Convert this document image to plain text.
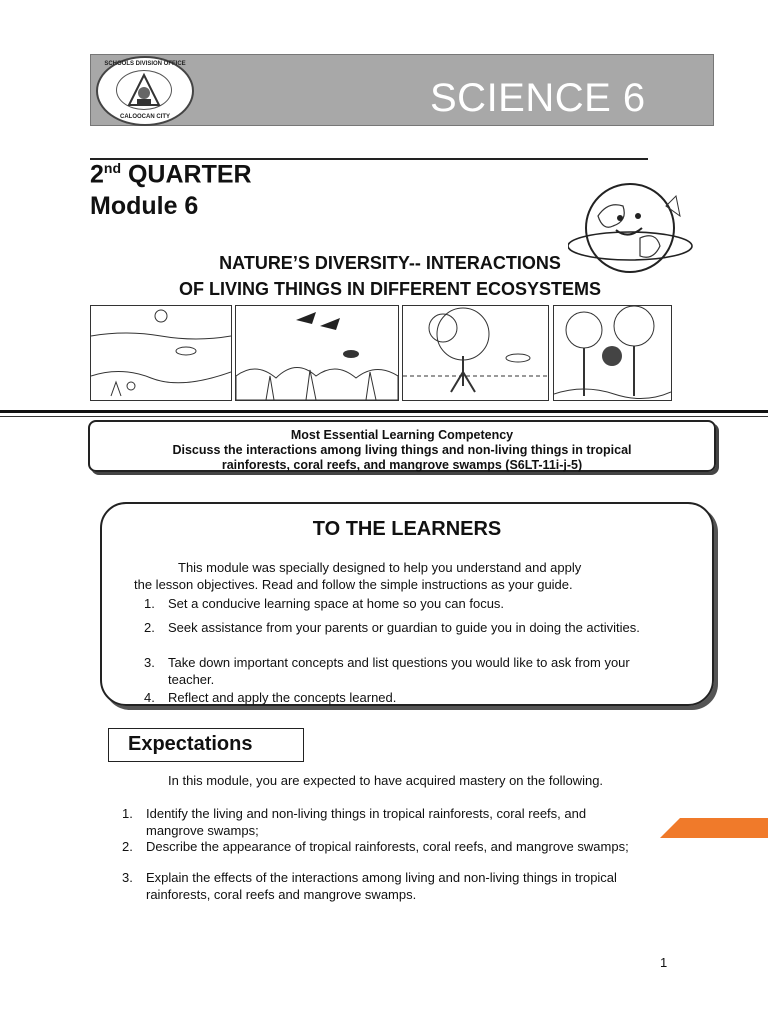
SCHOOLS DIVISION OFFICE
CALOOCAN CITY	SCIENCE 6
2nd QUARTER
Module 6
NATURE’S DIVERSITY-- INTERACTIONS
OF LIVING THINGS IN DIFFERENT ECOSYSTEMS
Most Essential Learning Competency
Discuss the interactions among living things and non-living things in tropical
rainforests, coral reefs, and mangrove swamps (S6LT-11i-j-5)
TO THE LEARNERS
This module was specially designed to help you understand and apply
the lesson objectives. Read and follow the simple instructions as your guide.
1. Set a conducive learning space at home so you can focus.
2. Seek assistance from your parents or guardian to guide you in doing the activities.
3. Take down important concepts and list questions you would like to ask from your teacher.
4. Reflect and apply the concepts learned.
Expectations
In this module, you are expected to have acquired mastery on the following.
1. Identify the living and non-living things in tropical rainforests, coral reefs, and mangrove swamps;
2. Describe the appearance of tropical rainforests, coral reefs, and mangrove swamps;
3. Explain the effects of the interactions among living and non-living things in tropical rainforests, coral reefs and mangrove swamps.
1
